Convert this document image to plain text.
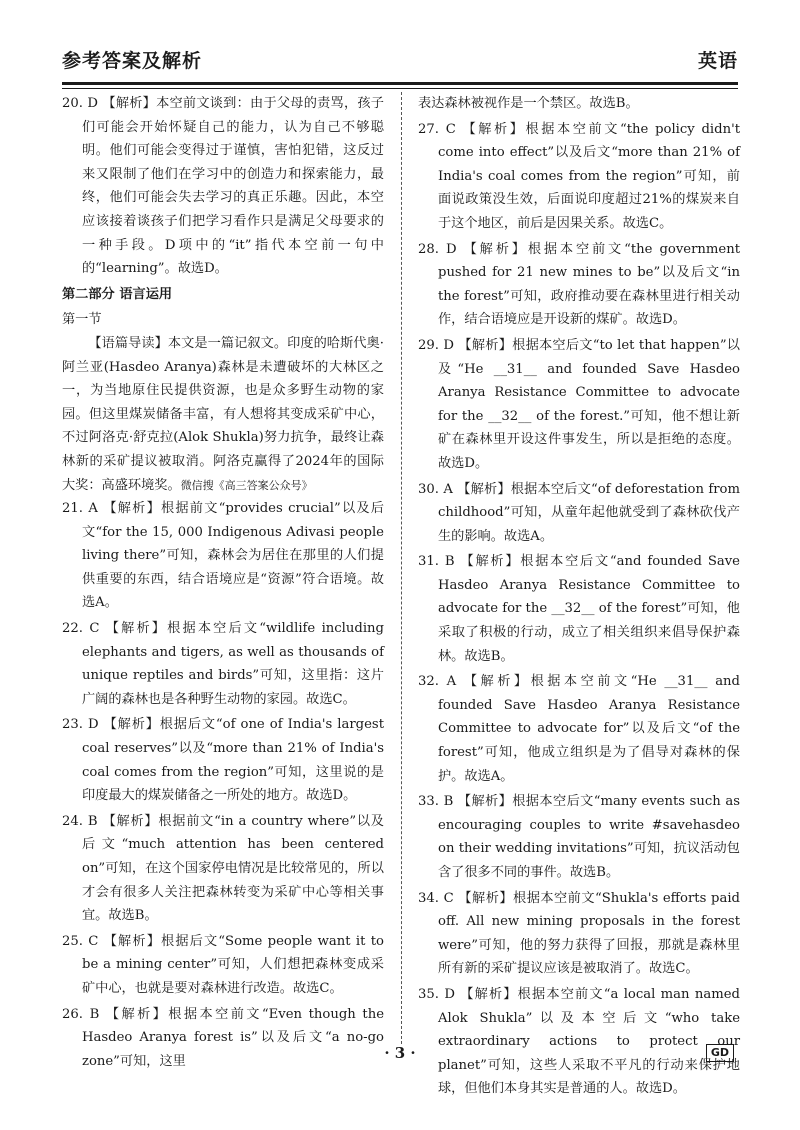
参考答案及解析	英语
20. D 【解析】本空前文谈到：由于父母的责骂，孩子们可能会开始怀疑自己的能力，认为自己不够聪明。他们可能会变得过于谨慎，害怕犯错，这反过来又限制了他们在学习中的创造力和探索能力，最终，他们可能会失去学习的真正乐趣。因此，本空应该接着谈孩子们把学习看作只是满足父母要求的一种手段。D项中的“it”指代本空前一句中的“learning”。故选D。
第二部分 语言运用
第一节
【语篇导读】本文是一篇记叙文。印度的哈斯代奥·阿兰亚(Hasdeo Aranya)森林是未遭破坏的大林区之一，为当地原住民提供资源，也是众多野生动物的家园。但这里煤炭储备丰富，有人想将其变成采矿中心，不过阿洛克·舒克拉(Alok Shukla)努力抗争，最终让森林新的采矿提议被取消。阿洛克赢得了2024年的国际大奖：高盛环境奖。微信搜《高三答案公众号》
21. A 【解析】根据前文“provides crucial”以及后文“for the 15, 000 Indigenous Adivasi people living there”可知，森林会为居住在那里的人们提供重要的东西，结合语境应是“资源”符合语境。故选A。
22. C 【解析】根据本空后文“wildlife including elephants and tigers, as well as thousands of unique reptiles and birds”可知，这里指：这片广阔的森林也是各种野生动物的家园。故选C。
23. D 【解析】根据后文“of one of India's largest coal reserves”以及“more than 21% of India's coal comes from the region”可知，这里说的是印度最大的煤炭储备之一所处的地方。故选D。
24. B 【解析】根据前文“in a country where”以及后文“much attention has been centered on”可知，在这个国家停电情况是比较常见的，所以才会有很多人关注把森林转变为采矿中心等相关事宜。故选B。
25. C 【解析】根据后文“Some people want it to be a mining center”可知，人们想把森林变成采矿中心，也就是要对森林进行改造。故选C。
26. B 【解析】根据本空前文“Even though the Hasdeo Aranya forest is”以及后文“a no-go zone”可知，这里
表达森林被视作是一个禁区。故选B。
27. C 【解析】根据本空前文“the policy didn't come into effect”以及后文“more than 21% of India's coal comes from the region”可知，前面说政策没生效，后面说印度超过21%的煤炭来自于这个地区，前后是因果关系。故选C。
28. D 【解析】根据本空前文“the government pushed for 21 new mines to be”以及后文“in the forest”可知，政府推动要在森林里进行相关动作，结合语境应是开设新的煤矿。故选D。
29. D 【解析】根据本空后文“to let that happen”以及“He __31__ and founded Save Hasdeo Aranya Resistance Committee to advocate for the __32__ of the forest.”可知，他不想让新矿在森林里开设这件事发生，所以是拒绝的态度。故选D。
30. A 【解析】根据本空后文“of deforestation from childhood”可知，从童年起他就受到了森林砍伐产生的影响。故选A。
31. B 【解析】根据本空后文“and founded Save Hasdeo Aranya Resistance Committee to advocate for the __32__ of the forest”可知，他采取了积极的行动，成立了相关组织来倡导保护森林。故选B。
32. A 【解析】根据本空前文“He __31__ and founded Save Hasdeo Aranya Resistance Committee to advocate for”以及后文“of the forest”可知，他成立组织是为了倡导对森林的保护。故选A。
33. B 【解析】根据本空后文“many events such as encouraging couples to write #savehasdeo on their wedding invitations”可知，抗议活动包含了很多不同的事件。故选B。
34. C 【解析】根据本空前文“Shukla's efforts paid off. All new mining proposals in the forest were”可知，他的努力获得了回报，那就是森林里所有新的采矿提议应该是被取消了。故选C。
35. D 【解析】根据本空前文“a local man named Alok Shukla”以及本空后文“who take extraordinary actions to protect our planet”可知，这些人采取不平凡的行动来保护地球，但他们本身其实是普通的人。故选D。
· 3 ·	GD
